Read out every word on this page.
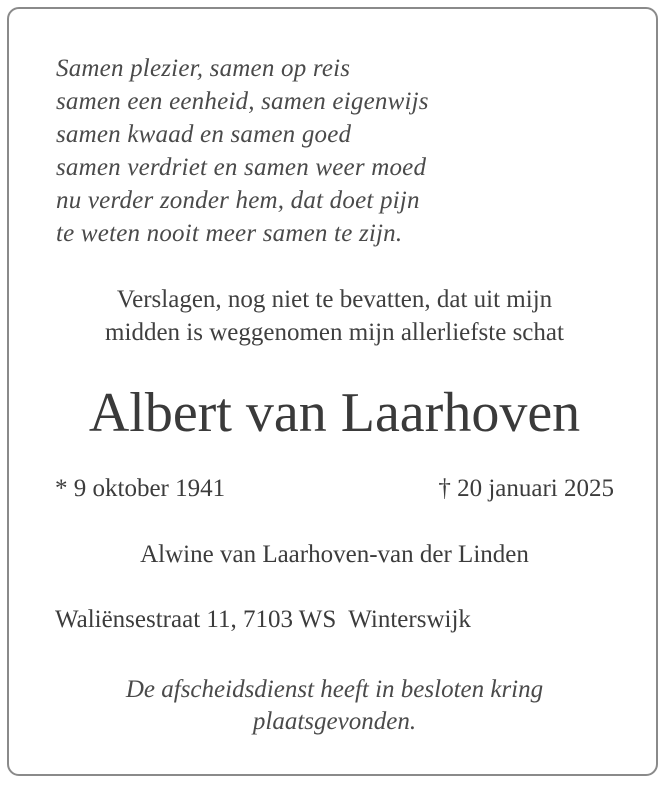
Samen plezier, samen op reis
samen een eenheid, samen eigenwijs
samen kwaad en samen goed
samen verdriet en samen weer moed
nu verder zonder hem, dat doet pijn
te weten nooit meer samen te zijn.
Verslagen, nog niet te bevatten, dat uit mijn
midden is weggenomen mijn allerliefste schat
Albert van Laarhoven
* 9 oktober 1941	† 20 januari 2025
Alwine van Laarhoven-van der Linden
Waliënsestraat 11, 7103 WS  Winterswijk
De afscheidsdienst heeft in besloten kring
plaatsgevonden.
